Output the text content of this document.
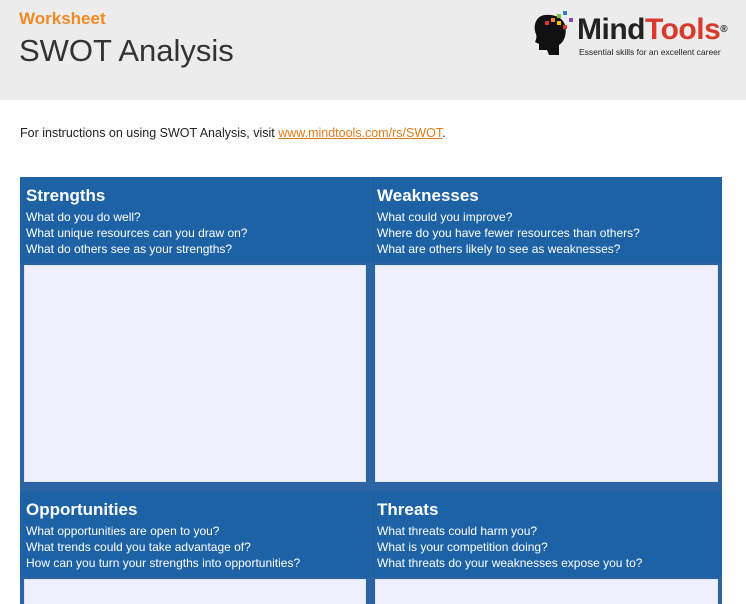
Worksheet
SWOT Analysis
MindTools®
Essential skills for an excellent career
For instructions on using SWOT Analysis, visit www.mindtools.com/rs/SWOT.
Strengths
What do you do well?
What unique resources can you draw on?
What do others see as your strengths?
Weaknesses
What could you improve?
Where do you have fewer resources than others?
What are others likely to see as weaknesses?
Opportunities
What opportunities are open to you?
What trends could you take advantage of?
How can you turn your strengths into opportunities?
Threats
What threats could harm you?
What is your competition doing?
What threats do your weaknesses expose you to?
